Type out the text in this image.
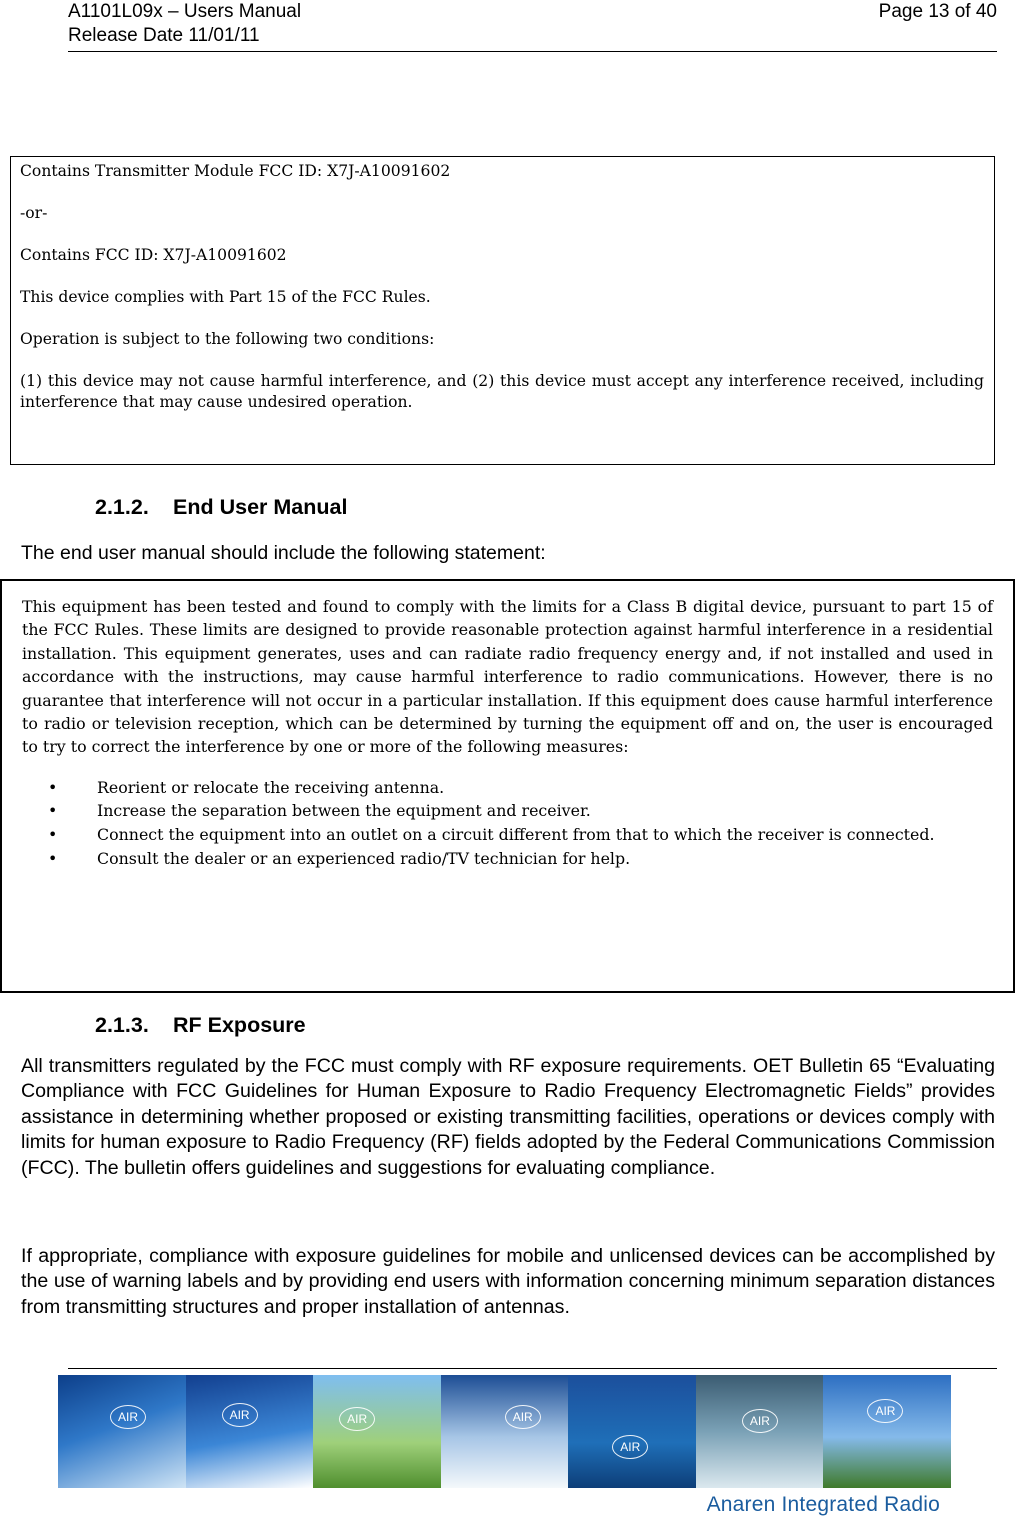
A1101L09x – Users Manual
Release Date 11/01/11
Page 13 of 40

Contains Transmitter Module FCC ID: X7J-A10091602

-or-

Contains FCC ID: X7J-A10091602

This device complies with Part 15 of the FCC Rules.

Operation is subject to the following two conditions:

(1) this device may not cause harmful interference, and (2) this device must accept any interference received, including interference that may cause undesired operation.

2.1.2. End User Manual
The end user manual should include the following statement:

This equipment has been tested and found to comply with the limits for a Class B digital device, pursuant to part 15 of the FCC Rules. These limits are designed to provide reasonable protection against harmful interference in a residential installation. This equipment generates, uses and can radiate radio frequency energy and, if not installed and used in accordance with the instructions, may cause harmful interference to radio communications. However, there is no guarantee that interference will not occur in a particular installation. If this equipment does cause harmful interference to radio or television reception, which can be determined by turning the equipment off and on, the user is encouraged to try to correct the interference by one or more of the following measures:

•	Reorient or relocate the receiving antenna.
•	Increase the separation between the equipment and receiver.
•	Connect the equipment into an outlet on a circuit different from that to which the receiver is connected.
•	Consult the dealer or an experienced radio/TV technician for help.
2.1.3. RF Exposure

All transmitters regulated by the FCC must comply with RF exposure requirements. OET Bulletin 65 “Evaluating Compliance with FCC Guidelines for Human Exposure to Radio Frequency Electromagnetic Fields” provides assistance in determining whether proposed or existing transmitting facilities, operations or devices comply with limits for human exposure to Radio Frequency (RF) fields adopted by the Federal Communications Commission (FCC). The bulletin offers guidelines and suggestions for evaluating compliance.

If appropriate, compliance with exposure guidelines for mobile and unlicensed devices can be accomplished by the use of warning labels and by providing end users with information concerning minimum separation distances from transmitting structures and proper installation of antennas.

AIR	AIR	AIR	AIR
AIR
AIR
AIR
Anaren Integrated Radio
